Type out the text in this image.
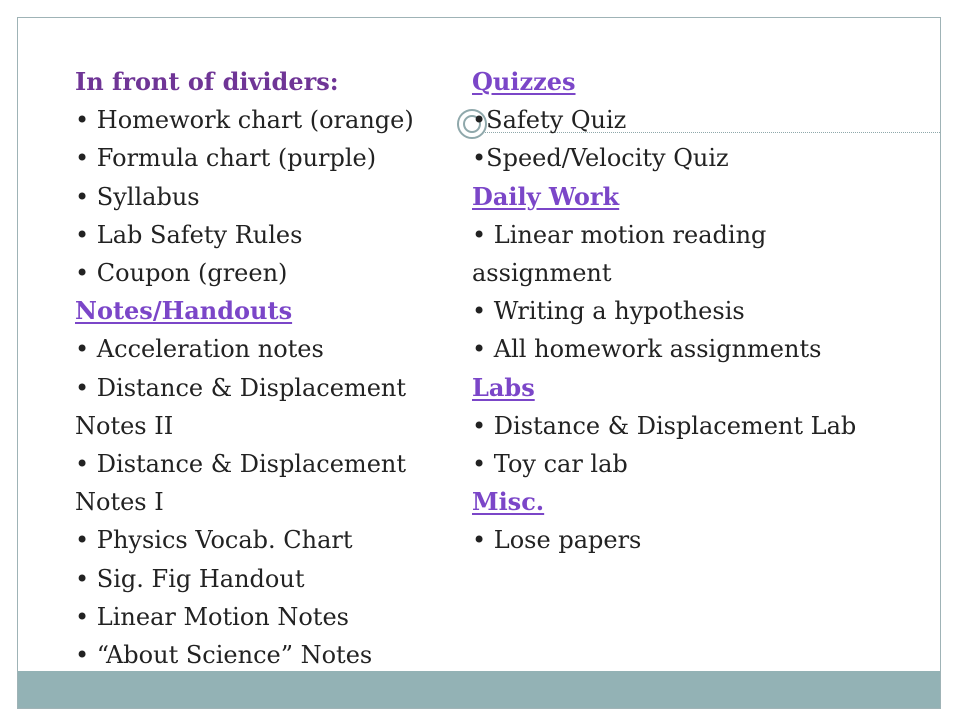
In front of dividers:
• Homework chart (orange)
• Formula chart (purple)
• Syllabus
• Lab Safety Rules
• Coupon (green)
Notes/Handouts
• Acceleration notes
• Distance & Displacement Notes II
• Distance & Displacement Notes I
• Physics Vocab. Chart
• Sig. Fig Handout
• Linear Motion Notes
• “About Science” Notes
Quizzes
•Safety Quiz
•Speed/Velocity Quiz
Daily Work
• Linear motion reading assignment
• Writing a hypothesis
• All homework assignments
Labs
• Distance & Displacement Lab
• Toy car lab
Misc.
• Lose papers
